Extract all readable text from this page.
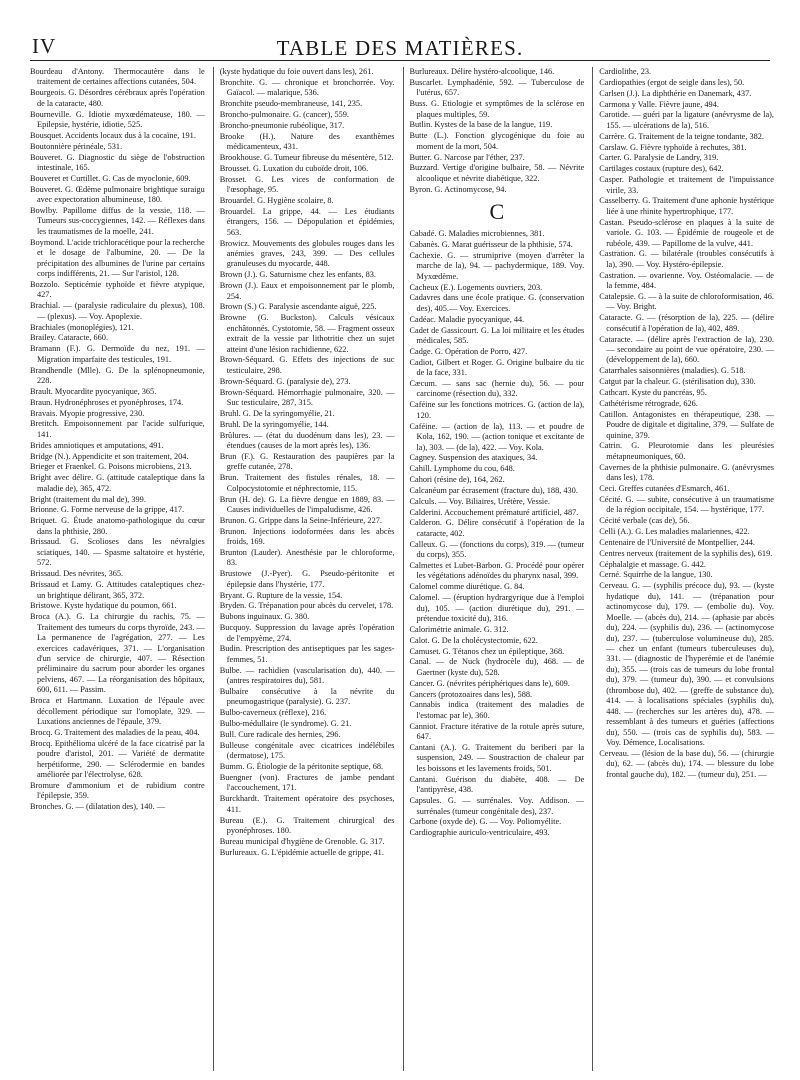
IV	TABLE DES MATIÈRES.
Bourdeau d'Antony. Thermocautère dans le traitement de certaines affections cutanées, 504.
Bourgeois. G. Désordres cérébraux après l'opération de la cataracte, 480.
Bourneville. G. Idiotie myxœdémateuse, 180. — Epilepsie, hystérie, idiotie, 525.
Bousquet. Accidents locaux dus à la cocaïne, 191.
Boutonnière périnéale, 531.
Bouveret. G. Diagnostic du siège de l'obstruction intestinale, 165.
Bouveret et Curtillet. G. Cas de myoclonie, 609.
Bouveret. G. Œdème pulmonaire brightique suraigu avec expectoration albumineuse, 180.
Bowlby. Papillome diffus de la vessie, 118. — Tumeurs sus-coccygiennes, 142. — Réflexes dans les traumatismes de la moelle, 241.
Boymond. L'acide trichloracétique pour la recherche et le dosage de l'albumine, 20. — De la précipitation des albumines de l'urine par certains corps indifférents, 21. — Sur l'aristol, 128.
Bozzolo. Septicémie typhoïde et fièvre atypique, 427.
Brachial. — (paralysie radiculaire du plexus), 108. — (plexus). — Voy. Apoplexie.
Brachiales (monoplégies), 121.
Brailey. Cataracte, 660.
Bramann (F.). G. Dermoïde du nez, 191. — Migration imparfaite des testicules, 191.
Brandhendle (Mlle). G. De la splénopneumonie, 228.
Brault. Myocardite pyocyanique, 365.
Braun. Hydronéphroses et pyonéphroses, 174.
Bravais. Myopie progressive, 230.
Bretitch. Empoisonnement par l'acide sulfurique, 141.
Brides amniotiques et amputations, 491.
Bridge (N.). Appendicite et son traitement, 204.
Brieger et Fraenkel. G. Poisons microbiens, 213.
Bright avec délire. G. (attitude cataleptique dans la maladie de), 365, 472.
Bright (traitement du mal de), 399.
Brionne. G. Forme nerveuse de la grippe, 417.
Briquet. G. Étude anatomo-pathologique du cœur dans la phthisie, 280.
Brissaud. G. Scolioses dans les névralgies sciatiques, 140. — Spasme saltatoire et hystérie, 572.
Brissaud. Des névrites, 365.
Brissaud et Lamy. G. Attitudes cataleptiques chez-un brightique délirant, 365, 372.
Bristowe. Kyste hydatique du poumon, 661.
Broca (A.). G. La chirurgie du rachis, 75. — Traitement des tumeurs du corps thyroïde, 243. — La permanence de l'agrégation, 277. — Les exercices cadavériques, 371. — L'organisation d'un service de chirurgie, 407. — Résection préliminaire du sacrum pour aborder les organes pelviens, 467. — La réorganisation des hôpitaux, 600, 611. — Passim.
Broca et Hartmann. Luxation de l'épaule avec décollement périodique sur l'omoplate, 329. — Luxations anciennes de l'épaule, 379.
Brocq. G. Traitement des maladies de la peau, 404.
Brocq. Epithélioma ulcéré de la face cicatrisé par la poudre d'aristol, 201. — Variété de dermatite herpétiforme, 290. — Sclérodermie en bandes améliorée par l'électrolyse, 628.
Bromure d'ammonium et de rubidium contre l'épilepsie, 359.
Bronches. G. — (dilatation des), 140. —
(kyste hydatique du foie ouvert dans les), 261.
Bronchite. G. — chronique et bronchorrée. Voy. Gaïacol. — malarique, 536.
Bronchite pseudo-membraneuse, 141, 235.
Broncho-pulmonaire. G. (cancer), 559.
Broncho-pneumonie rubéolique, 317.
Brooke (H.). Nature des exanthèmes médicamenteux, 431.
Brookhouse. G. Tumeur fibreuse du mésentère, 512.
Brousset. G. Luxation du cuboïde droit, 106.
Brosset. G. Les vices de conformation de l'œsophage, 95.
Brouardel. G. Hygiène scolaire, 8.
Brouardel. La grippe, 44. — Les étudiants étrangers, 156. — Dépopulation et épidémies, 563.
Browicz. Mouvements des globules rouges dans les anémies graves, 243, 399. — Des cellules granuleuses du myocarde, 448.
Brown (J.). G. Saturnisme chez les enfants, 83.
Brown (J.). Eaux et empoisonnement par le plomb, 254.
Brown (S.) G. Paralysie ascendante aiguë, 225.
Browne (G. Buckston). Calculs vésicaux enchâtonnés. Cystotomie, 58. — Fragment osseux extrait de la vessie par lithotritie chez un sujet atteint d'une lésion rachidienne, 622.
Brown-Séquard. G. Effets des injections de suc testiculaire, 298.
Brown-Séquard. G. (paralysie de), 273.
Brown-Séquard. Hémorrhagie pulmonaire, 320. — Suc testiculaire, 287, 315.
Bruhl. G. De la syringomyélie, 21.
Bruhl. De la syringomyélie, 144.
Brûlures. — (état du duodénum dans les), 23. — étendues (causes de la mort après les), 136.
Brun (F.). G. Restauration des paupières par la greffe cutanée, 278.
Brun. Traitement des fistules rénales, 18. — Colpocystotomie et néphrectomie, 115.
Brun (H. de). G. La fièvre dengue en 1889, 83. — Causes individuelles de l'impaludisme, 426.
Brunon. G. Grippe dans la Seine-Inférieure, 227.
Brunon. Injections iodoformées dans les abcès froids, 169.
Brunton (Lauder). Anesthésie par le chloroforme, 83.
Brustowe (J.-Pyer). G. Pseudo-péritonite et épilepsie dans l'hystérie, 177.
Bryant. G. Rupture de la vessie, 154.
Bryden. G. Trépanation pour abcès du cervelet, 178.
Bubons inguinaux. G. 380.
Bucquoy. Suppression du lavage après l'opération de l'empyème, 274.
Budin. Prescription des antiseptiques par les sages-femmes, 51.
Bulbe. — rachidien (vascularisation du), 440. — (antres respiratoires du), 581.
Bulbaire consécutive à la névrite du pneumogastrique (paralysie). G. 237.
Bulbo-caverneux (réflexe), 216.
Bulbo-médullaire (le syndrome). G. 21.
Bull. Cure radicale des hernies, 296.
Bulleuse congénitale avec cicatrices indélébiles (dermatose), 175.
Bumm. G. Étiologie de la péritonite septique, 68.
Buengner (von). Fractures de jambe pendant l'accouchement, 171.
Burckhardt. Traitement opératoire des psychoses, 411.
Bureau (E.). G. Traitement chirurgical des pyonéphroses. 180.
Bureau municipal d'hygiène de Grenoble. G. 317.
Burlureaux. G. L'épidémie actuelle de grippe, 41.
Burlureaux. Délire hystéro-alcoolique, 146.
Buscarlet. Lymphadénie, 592. — Tuberculose de l'utérus, 657.
Buss. G. Etiologie et symptômes de la sclérose en plaques multiples, 59.
Butlin. Kystes de la base de la langue, 119.
Butte (L.). Fonction glycogénique du foie au moment de la mort, 504.
Butter. G. Narcose par l'éther, 237.
Buzzard. Vertige d'origine bulbaire, 58. — Névrite alcoolique et névrite diabétique, 322.
Byron. G. Actinomycose, 94.
C
Cabadé. G. Maladies microbiennes, 381.
Cabanès. G. Marat guérisseur de la phthisie, 574.
Cachexie. G. — strumiprive (moyen d'arrêter la marche de la), 94. — pachydermique, 189. Voy. Myxœdème.
Cacheux (E.). Logements ouvriers, 203.
Cadavres dans une école pratique. G. (conservation des), 405.— Voy. Exercices.
Cadéac. Maladie pyocyanique, 44.
Cadet de Gassicourt. G. La loi militaire et les études médicales, 585.
Cadge. G. Opération de Porro, 427.
Cadiot, Gilbert et Roger. G. Origine bulbaire du tic de la face, 331.
Cæcum. — sans sac (hernie du), 56. — pour carcinome (résection du), 332.
Caféine sur les fonctions motrices. G. (action de la), 120.
Caféine. — (action de la), 113. — et poudre de Kola, 162, 190. — (action tonique et excitante de la), 303. — (de la), 422. — Voy. Kola.
Cagney. Suspension des ataxiques, 34.
Cahill. Lymphome du cou, 648.
Cahori (résine de), 164, 262.
Calcanéum par écrasement (fracture du), 188, 430.
Calculs. — Voy. Biliaires, Urétère, Vessie.
Calderini. Accouchement prématuré artificiel, 487.
Calderon. G. Délire consécutif à l'opération de la cataracte, 402.
Calleux. G. — (fonctions du corps), 319. — (tumeur du corps), 355.
Calmettes et Lubet-Barbon. G. Procédé pour opérer les végétations adénoïdes du pharynx nasal, 399.
Calomel comme diurétique. G. 84.
Calomel. — (éruption hydrargyrique due à l'emploi du), 105. — (action diurétique du), 291. — prétendue toxicité du), 316.
Calorimétrie animale. G. 312.
Calot. G. De la cholécystectomie, 622.
Camuset. G. Tétanos chez un épileptique, 368.
Canal. — de Nuck (hydrocèle du), 468. — de Gaertner (kyste du), 528.
Cancer. G. (névrites périphériques dans le), 609.
Cancers (protozoaires dans les), 588.
Cannabis indica (traitement des maladies de l'estomac par le), 360.
Canniot. Fracture itérative de la rotule après suture, 647.
Cantani (A.). G. Traitement du beriberi par la suspension, 249. — Soustraction de chaleur par les boissons et les lavements froids, 501.
Cantani. Guérison du diabète, 408. — De l'antipyrèse, 438.
Capsules. G. — surrénales. Voy. Addison. — surrénales (tumeur congénitale des), 237.
Carbone (oxyde de). G. — Voy. Poliomyélite.
Cardiographie auriculo-ventriculaire, 493.
Cardiolithe, 23.
Cardiopathies (ergot de seigle dans les), 50.
Carlsen (J.). La diphthérie en Danemark, 437.
Carmona y Valle. Fièvre jaune, 494.
Carotide. — guéri par la ligature (anévrysme de la), 155. — ulcérations de la), 516.
Carrère. G. Traitement de la teigne tondante, 382.
Carslaw. G. Fièvre typhoïde à rechutes, 381.
Carter. G. Paralysie de Landry, 319.
Cartilages costaux (rupture des), 642.
Casper. Pathologie et traitement de l'impuissance virile, 33.
Casselberry. G. Traitement d'une aphonie hystérique liée à une rhinite hypertrophique, 177.
Castan. Pseudo-sclérose en plaques à la suite de variole. G. 103. — Épidémie de rougeole et de rubéole, 439. — Papillome de la vulve, 441.
Castration. G. — bilatérale (troubles consécutifs à la), 390. — Voy. Hystéro-épilepsie.
Castration. — ovarienne. Voy. Ostéomalacie. — de la femme, 484.
Catalepsie. G. — à la suite de chloroformisation, 46. — Voy. Bright.
Cataracte. G. — (résorption de la), 225. — (délire consécutif à l'opération de la), 402, 489.
Cataracte. — (délire après l'extraction de la), 230. — secondaire au point de vue opératoire, 230. — (développement de la), 660.
Catarrhales saisonnières (maladies). G. 518.
Catgut par la chaleur. G. (stérilisation du), 330.
Cathcart. Kyste du pancréas, 95.
Cathétérisme rétrograde, 626.
Catillon. Antagonistes en thérapeutique, 238. — Poudre de digitale et digitaline, 379. — Sulfate de quinine, 379.
Catrin. G. Pleurotomie dans les pleurésies métapneumoniques, 60.
Cavernes de la phthisie pulmonaire. G. (anévrysmes dans les), 178.
Ceci. Greffes cutanées d'Esmarch, 461.
Cécité. G. — subite, consécutive à un traumatisme de la région occipitale, 154. — hystérique, 177.
Cécité verbale (cas de), 56.
Celli (A.). G. Les maladies malariennes, 422.
Centenaire de l'Université de Montpellier, 244.
Centres nerveux (traitement de la syphilis des), 619.
Céphalalgie et massage. G. 442.
Cerné. Squirrhe de la langue, 130.
Cerveau. G. — (syphilis précoce du), 93. — (kyste hydatique du), 141. — (trépanation pour actinomycose du), 179. — (embolie du). Voy. Moelle. — (abcès du), 214. — (aphasie par abcès du), 224. — (syphilis du), 236. — (actinomycose du), 237. — (tuberculose volumineuse du), 285. — chez un enfant (tumeurs tuberculeuses du), 331. — (diagnostic de l'hyperémie et de l'anémie du), 355. — (trois cas de tumeurs du lobe frontal du), 379. — (tumeur du), 390. — et convulsions (thrombose du), 402. — (greffe de substance du), 414. — à localisations spéciales (syphilis du), 448. — (recherches sur les artères du), 478. — ressemblant à des tumeurs et guéries (affections du), 550. — (trois cas de syphilis du), 583. — Voy. Démence, Localisations.
Cerveau. — (lésion de la base du), 56. — (chirurgie du), 62. — (abcès du), 174. — blessure du lobe frontal gauche du), 182. — (tumeur du), 251. —
